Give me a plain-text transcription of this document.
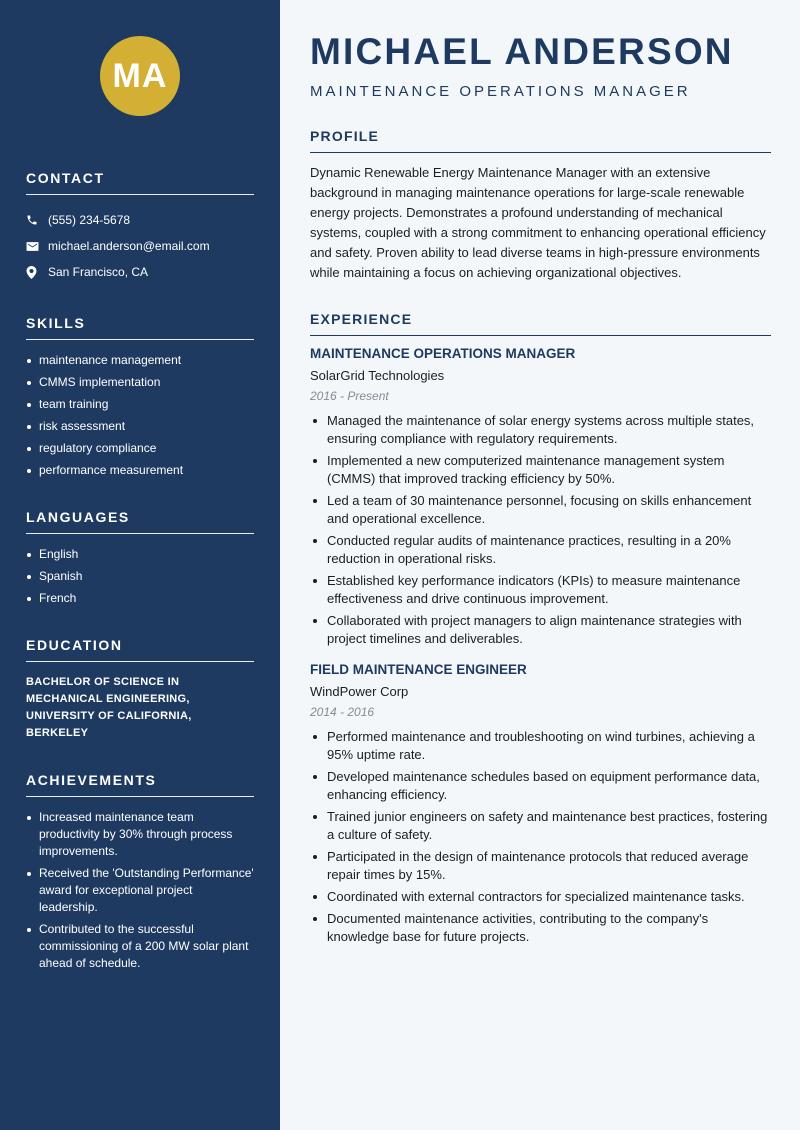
MA
CONTACT
(555) 234-5678
michael.anderson@email.com
San Francisco, CA
SKILLS
maintenance management
CMMS implementation
team training
risk assessment
regulatory compliance
performance measurement
LANGUAGES
English
Spanish
French
EDUCATION

BACHELOR OF SCIENCE IN MECHANICAL ENGINEERING, UNIVERSITY OF CALIFORNIA, BERKELEY

ACHIEVEMENTS
Increased maintenance team productivity by 30% through process improvements.
Received the 'Outstanding Performance' award for exceptional project leadership.
Contributed to the successful commissioning of a 200 MW solar plant ahead of schedule.
MICHAEL ANDERSON
MAINTENANCE OPERATIONS MANAGER
PROFILE

Dynamic Renewable Energy Maintenance Manager with an extensive background in managing maintenance operations for large-scale renewable energy projects. Demonstrates a profound understanding of mechanical systems, coupled with a strong commitment to enhancing operational efficiency and safety. Proven ability to lead diverse teams in high-pressure environments while maintaining a focus on achieving organizational objectives.

EXPERIENCE
MAINTENANCE OPERATIONS MANAGER
SolarGrid Technologies
2016 - Present
Managed the maintenance of solar energy systems across multiple states, ensuring compliance with regulatory requirements.
Implemented a new computerized maintenance management system (CMMS) that improved tracking efficiency by 50%.
Led a team of 30 maintenance personnel, focusing on skills enhancement and operational excellence.
Conducted regular audits of maintenance practices, resulting in a 20% reduction in operational risks.
Established key performance indicators (KPIs) to measure maintenance effectiveness and drive continuous improvement.
Collaborated with project managers to align maintenance strategies with project timelines and deliverables.
FIELD MAINTENANCE ENGINEER
WindPower Corp
2014 - 2016
Performed maintenance and troubleshooting on wind turbines, achieving a 95% uptime rate.
Developed maintenance schedules based on equipment performance data, enhancing efficiency.
Trained junior engineers on safety and maintenance best practices, fostering a culture of safety.
Participated in the design of maintenance protocols that reduced average repair times by 15%.
Coordinated with external contractors for specialized maintenance tasks.
Documented maintenance activities, contributing to the company's knowledge base for future projects.
